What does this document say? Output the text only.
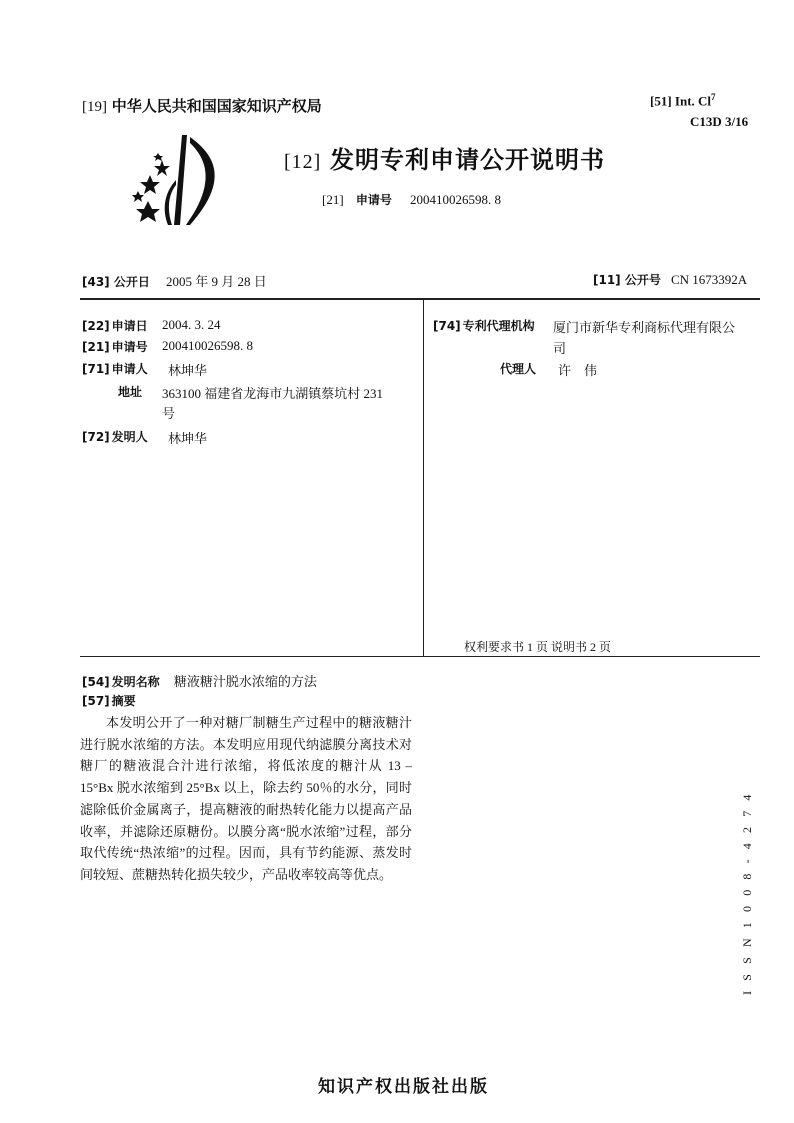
[19] 中华人民共和国国家知识产权局	[51] Int. Cl$^7$
C13D 3/16
[12] 发明专利申请公开说明书
[21] 申请号 200410026598. 8
[43] 公开日 2005 年 9 月 28 日	[11] 公开号 CN 1673392A
[22] 申请日 2004. 3. 24
[21] 申请号 200410026598. 8
[71] 申请人 林坤华
地址 363100 福建省龙海市九湖镇蔡坑村 231
号
[72] 发明人 林坤华
[74] 专利代理机构 厦门市新华专利商标代理有限公
司
代理人 许　伟
权利要求书 1 页 说明书 2 页
[54] 发明名称 糖液糖汁脱水浓缩的方法
[57] 摘要
本发明公开了一种对糖厂制糖生产过程中的糖液糖汁进行脱水浓缩的方法。本发明应用现代纳滤膜分离技术对糖厂的糖液混合汁进行浓缩，将低浓度的糖汁从 13 – 15°Bx 脱水浓缩到 25°Bx 以上，除去约 50％的水分，同时滤除低价金属离子，提高糖液的耐热转化能力以提高产品收率，并滤除还原糖份。以膜分离“脱水浓缩”过程，部分取代传统“热浓缩”的过程。因而，具有节约能源、蒸发时间较短、蔗糖热转化损失较少，产品收率较高等优点。	ISSN1008-4274
知识产权出版社出版
